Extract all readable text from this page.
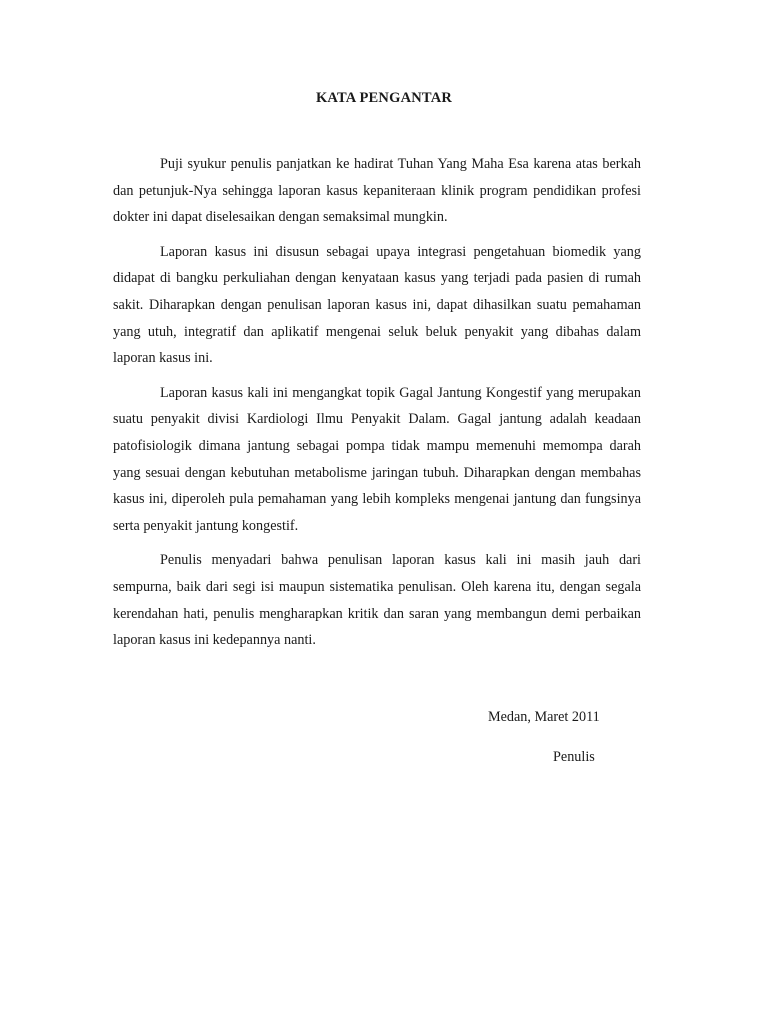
KATA PENGANTAR

Puji syukur penulis panjatkan ke hadirat Tuhan Yang Maha Esa karena atas berkah dan petunjuk-Nya sehingga laporan kasus kepaniteraan klinik program pendidikan profesi dokter ini dapat diselesaikan dengan semaksimal mungkin.

Laporan kasus ini disusun sebagai upaya integrasi pengetahuan biomedik yang didapat di bangku perkuliahan dengan kenyataan kasus yang terjadi pada pasien di rumah sakit. Diharapkan dengan penulisan laporan kasus ini, dapat dihasilkan suatu pemahaman yang utuh, integratif dan aplikatif mengenai seluk beluk penyakit yang dibahas dalam laporan kasus ini.

Laporan kasus kali ini mengangkat topik Gagal Jantung Kongestif yang merupakan suatu penyakit divisi Kardiologi Ilmu Penyakit Dalam. Gagal jantung adalah keadaan patofisiologik dimana jantung sebagai pompa tidak mampu memenuhi memompa darah yang sesuai dengan kebutuhan metabolisme jaringan tubuh. Diharapkan dengan membahas kasus ini, diperoleh pula pemahaman yang lebih kompleks mengenai jantung dan fungsinya serta penyakit jantung kongestif.

Penulis menyadari bahwa penulisan laporan kasus kali ini masih jauh dari sempurna, baik dari segi isi maupun sistematika penulisan. Oleh karena itu, dengan segala kerendahan hati, penulis mengharapkan kritik dan saran yang membangun demi perbaikan laporan kasus ini kedepannya nanti.

Medan, Maret 2011
Penulis
